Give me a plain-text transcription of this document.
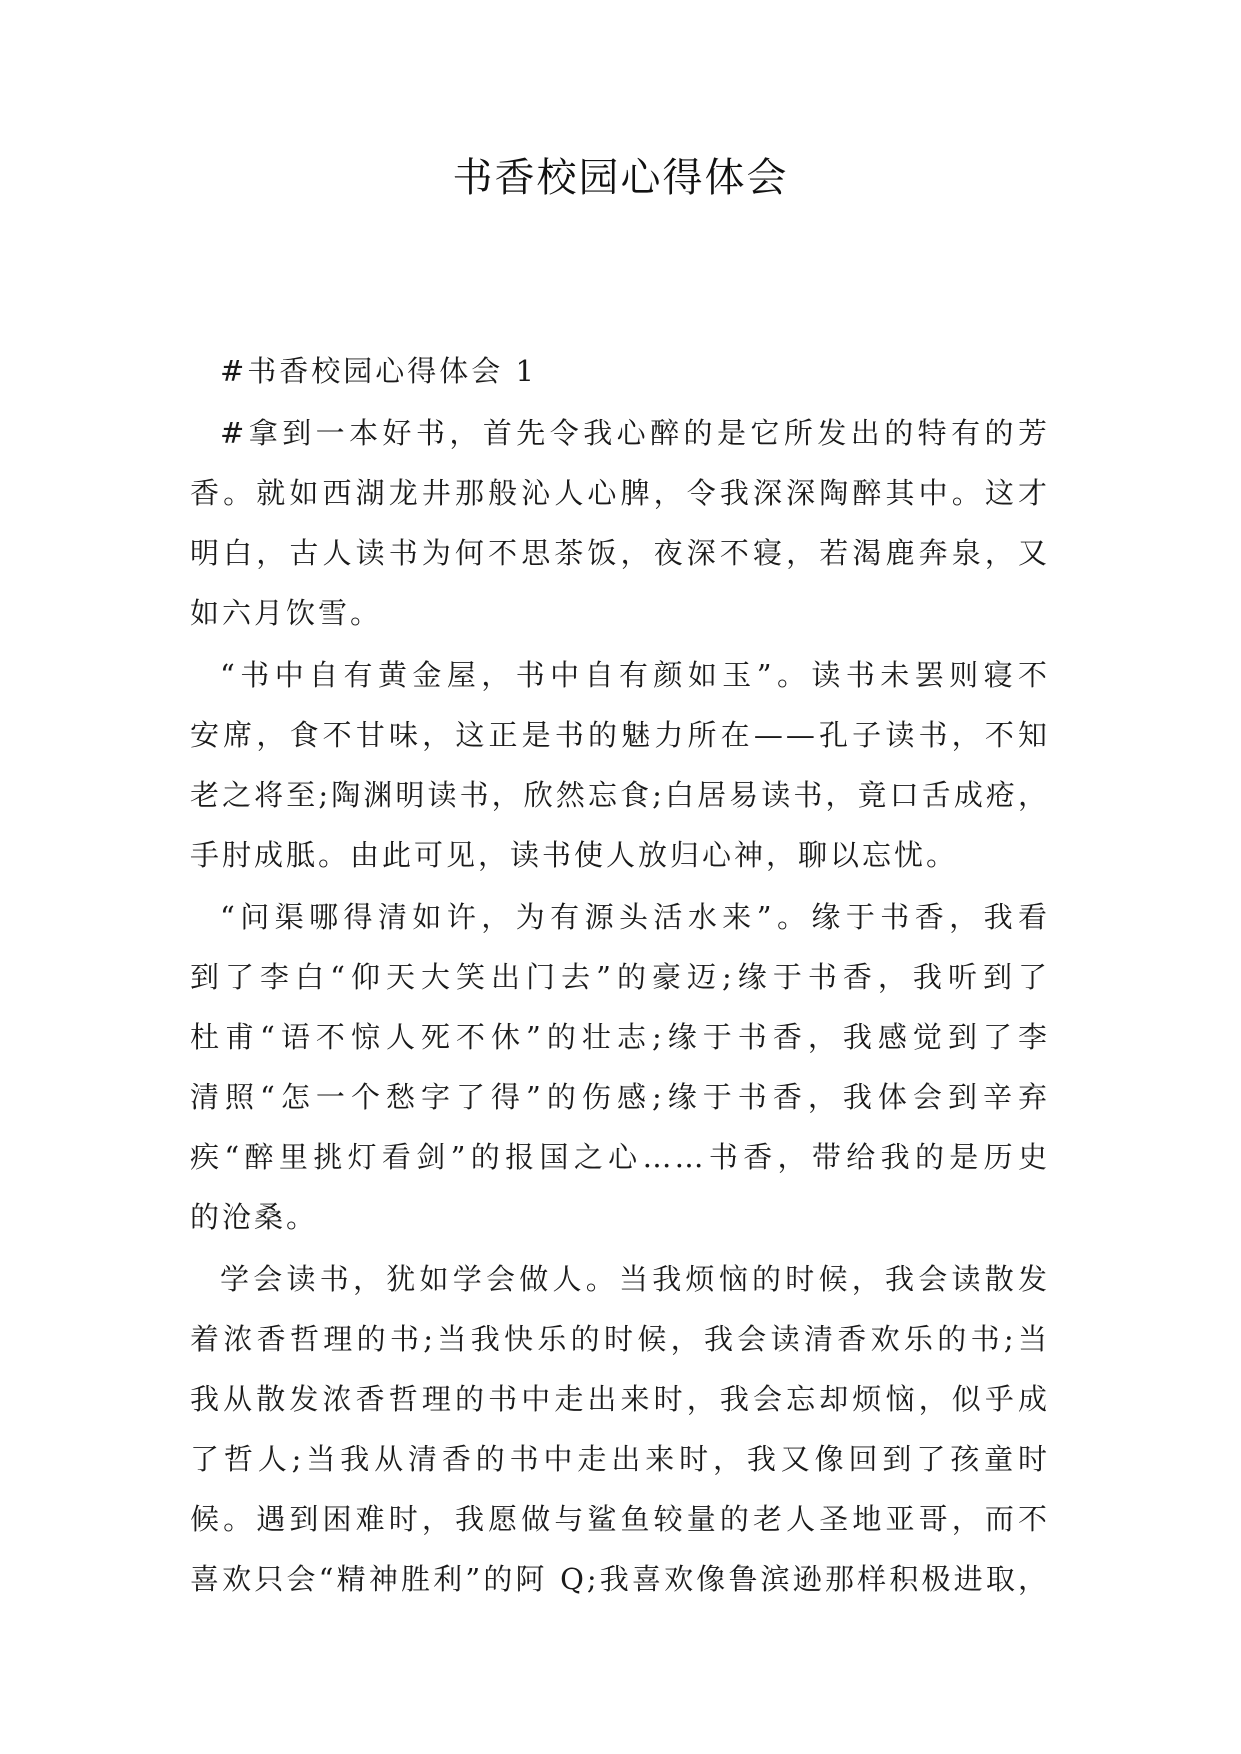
书香校园心得体会
#书香校园心得体会 1
#拿到一本好书，首先令我心醉的是它所发出的特有的芳
香。就如西湖龙井那般沁人心脾，令我深深陶醉其中。这才
明白，古人读书为何不思茶饭，夜深不寝，若渴鹿奔泉，又
如六月饮雪。
“书中自有黄金屋，书中自有颜如玉”。读书未罢则寝不
安席，食不甘味，这正是书的魅力所在——孔子读书，不知
老之将至;陶渊明读书，欣然忘食;白居易读书，竟口舌成疮，
手肘成胝。由此可见，读书使人放归心神，聊以忘忧。
“问渠哪得清如许，为有源头活水来”。缘于书香，我看
到了李白“仰天大笑出门去”的豪迈;缘于书香，我听到了
杜甫“语不惊人死不休”的壮志;缘于书香，我感觉到了李
清照“怎一个愁字了得”的伤感;缘于书香，我体会到辛弃
疾“醉里挑灯看剑”的报国之心……书香，带给我的是历史
的沧桑。
学会读书，犹如学会做人。当我烦恼的时候，我会读散发
着浓香哲理的书;当我快乐的时候，我会读清香欢乐的书;当
我从散发浓香哲理的书中走出来时，我会忘却烦恼，似乎成
了哲人;当我从清香的书中走出来时，我又像回到了孩童时
候。遇到困难时，我愿做与鲨鱼较量的老人圣地亚哥，而不
喜欢只会“精神胜利”的阿 Q;我喜欢像鲁滨逊那样积极进取，
